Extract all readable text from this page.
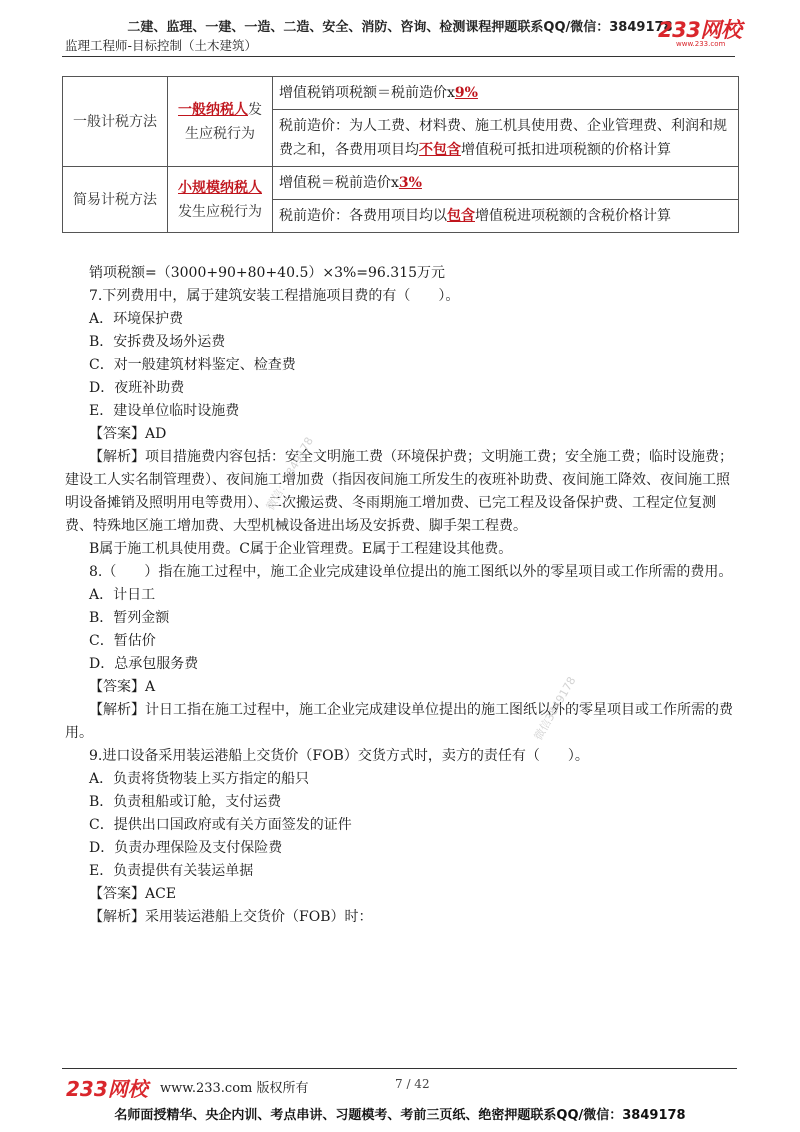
二建、监理、一建、一造、二造、安全、消防、咨询、检测课程押题联系QQ/微信：3849178
监理工程师-目标控制（土木建筑）
233网校
www.233.com
一般计税方法	一般纳税人发生应税行为	增值税销项税额＝税前造价x9%
		税前造价：为人工费、材料费、施工机具使用费、企业管理费、利润和规费之和，各费用项目均不包含增值税可抵扣进项税额的价格计算
简易计税方法	小规模纳税人发生应税行为	增值税＝税前造价x3%
		税前造价：各费用项目均以包含增值税进项税额的含税价格计算

销项税额=（3000+90+80+40.5）×3%=96.315万元

7.下列费用中，属于建筑安装工程措施项目费的有（　　）。

A．环境保护费

B．安拆费及场外运费

C．对一般建筑材料鉴定、检查费

D．夜班补助费

E．建设单位临时设施费

【答案】AD

【解析】项目措施费内容包括：安全文明施工费（环境保护费；文明施工费；安全施工费；临时设施费；建设工人实名制管理费）、夜间施工增加费（指因夜间施工所发生的夜班补助费、夜间施工降效、夜间施工照明设备摊销及照明用电等费用）、二次搬运费、冬雨期施工增加费、已完工程及设备保护费、工程定位复测费、特殊地区施工增加费、大型机械设备进出场及安拆费、脚手架工程费。

B属于施工机具使用费。C属于企业管理费。E属于工程建设其他费。

8.（　　）指在施工过程中，施工企业完成建设单位提出的施工图纸以外的零星项目或工作所需的费用。

A．计日工

B．暂列金额

C．暂估价

D．总承包服务费

【答案】A

【解析】计日工指在施工过程中，施工企业完成建设单位提出的施工图纸以外的零星项目或工作所需的费用。

9.进口设备采用装运港船上交货价（FOB）交货方式时，卖方的责任有（　　）。

A．负责将货物装上买方指定的船只

B．负责租船或订舱，支付运费

C．提供出口国政府或有关方面签发的证件

D．负责办理保险及支付保险费

E．负责提供有关装运单据

【答案】ACE

【解析】采用装运港船上交货价（FOB）时：

微信：3849178
微信3849178
233网校 www.233.com 版权所有	7 / 42
名师面授精华、央企内训、考点串讲、习题模考、考前三页纸、绝密押题联系QQ/微信：3849178
